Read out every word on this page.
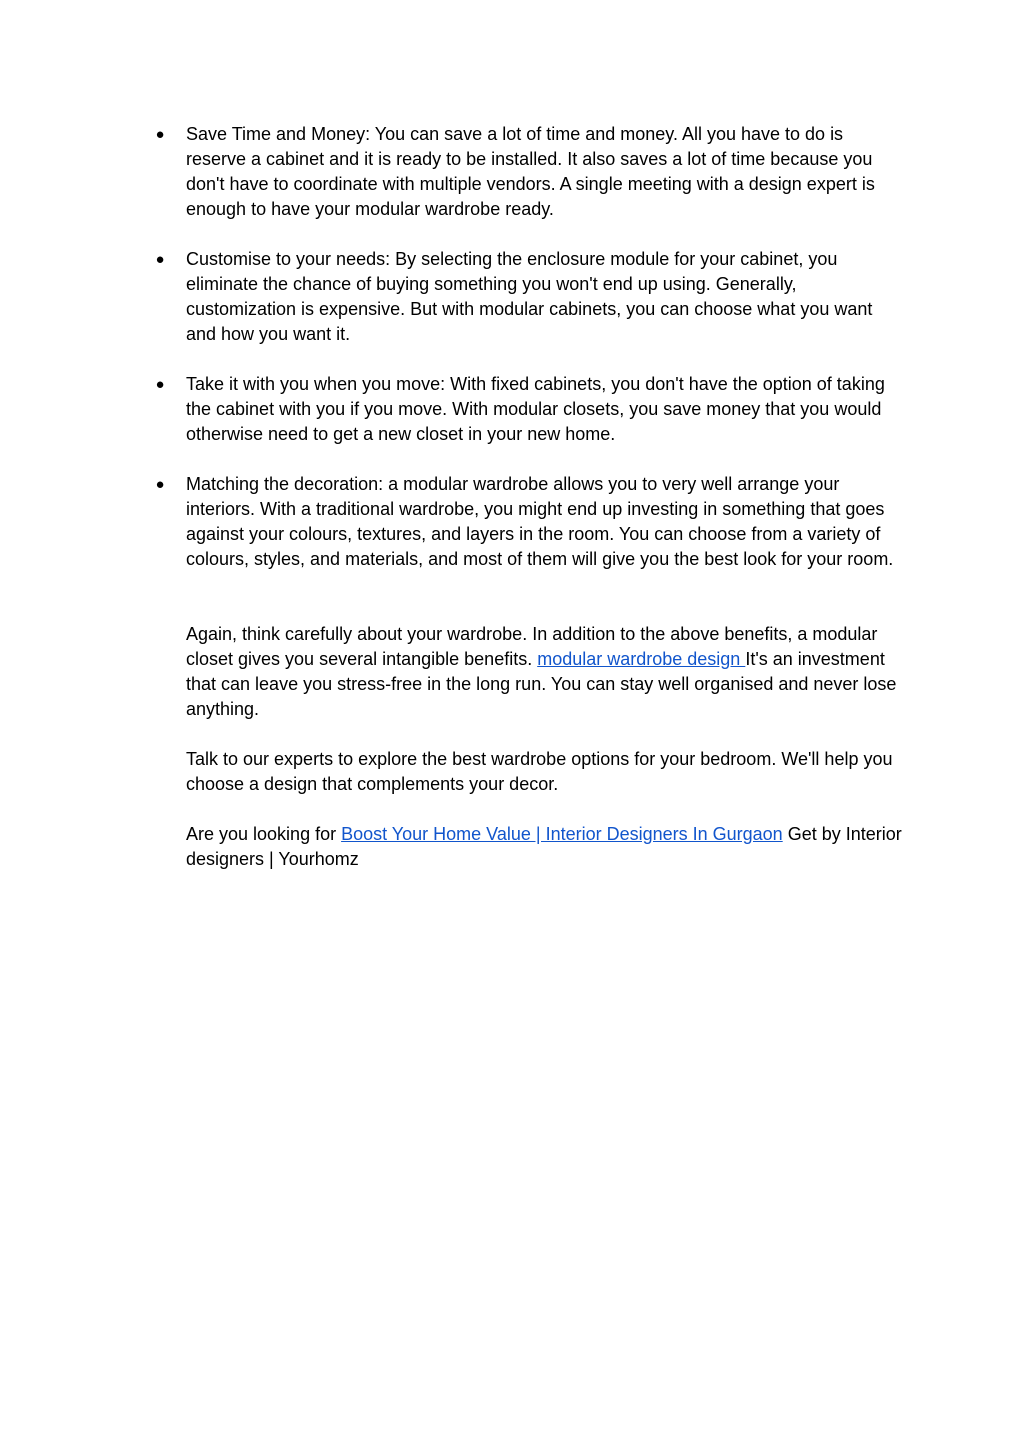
● Save Time and Money: You can save a lot of time and money. All you have to do is reserve a cabinet and it is ready to be installed. It also saves a lot of time because you don't have to coordinate with multiple vendors. A single meeting with a design expert is enough to have your modular wardrobe ready.
● Customise to your needs: By selecting the enclosure module for your cabinet, you eliminate the chance of buying something you won't end up using. Generally, customization is expensive. But with modular cabinets, you can choose what you want and how you want it.
● Take it with you when you move: With fixed cabinets, you don't have the option of taking the cabinet with you if you move. With modular closets, you save money that you would otherwise need to get a new closet in your new home.
● Matching the decoration: a modular wardrobe allows you to very well arrange your interiors. With a traditional wardrobe, you might end up investing in something that goes against your colours, textures, and layers in the room. You can choose from a variety of colours, styles, and materials, and most of them will give you the best look for your room.

Again, think carefully about your wardrobe. In addition to the above benefits, a modular closet gives you several intangible benefits. modular wardrobe design It's an investment that can leave you stress-free in the long run. You can stay well organised and never lose anything.

Talk to our experts to explore the best wardrobe options for your bedroom. We'll help you choose a design that complements your decor.

Are you looking for Boost Your Home Value | Interior Designers In Gurgaon Get by Interior designers | Yourhomz
